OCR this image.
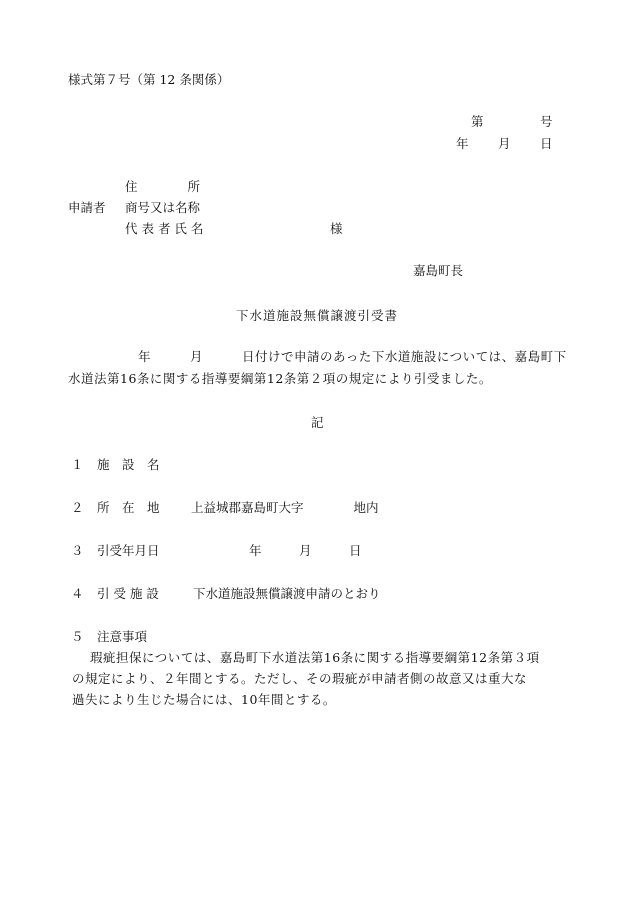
様式第７号（第 12 条関係）
第	号
年 月 日
住　　　　所
申請者 商号又は名称
代 表 者 氏 名	様
嘉島町長
下水道施設無償譲渡引受書
年　　　月　　　日付けで申請のあった下水道施設については、嘉島町下
水道法第16条に関する指導要綱第12条第２項の規定により引受ました。
記
１ 施　設　名
２ 所　在　地	上益城郡嘉島町大字　　　　地内
３ 引受年月日	年　　　月　　　日
４ 引 受 施 設	下水道施設無償譲渡申請のとおり
５ 注意事項
瑕疵担保については、嘉島町下水道法第16条に関する指導要綱第12条第３項
の規定により、２年間とする。ただし、その瑕疵が申請者側の故意又は重大な
過失により生じた場合には、10年間とする。
